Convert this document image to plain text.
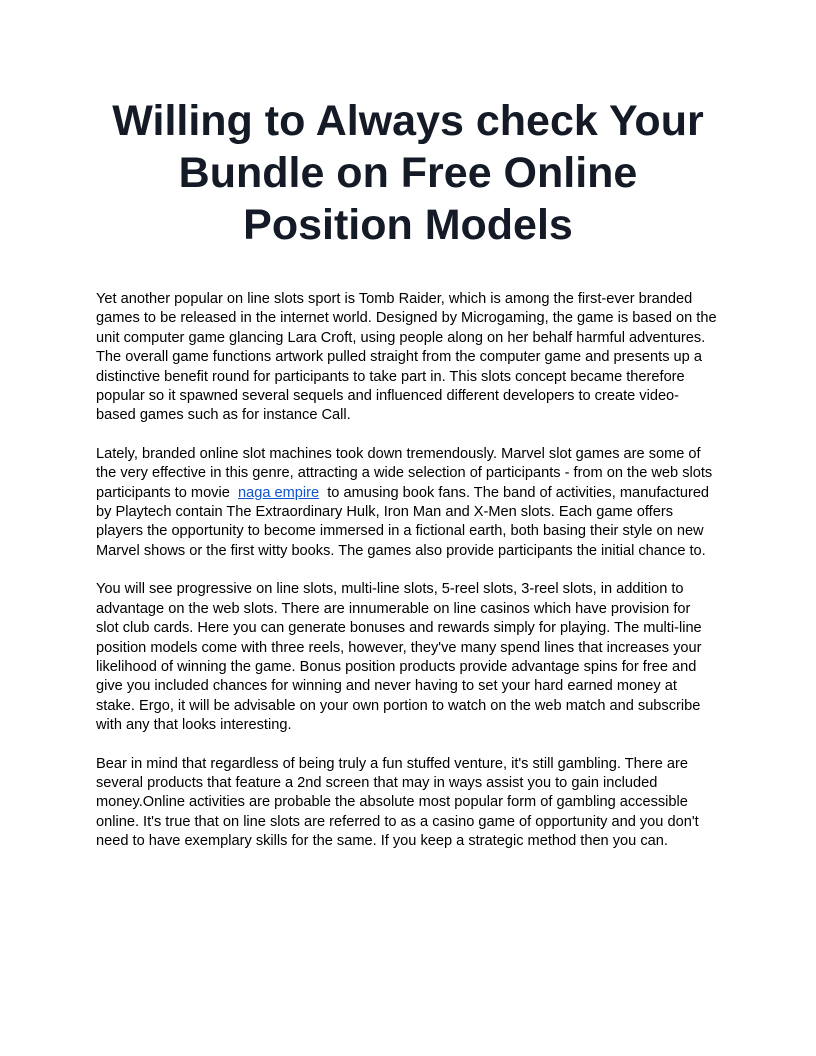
Willing to Always check Your
Bundle on Free Online
Position Models

Yet another popular on line slots sport is Tomb Raider, which is among the first-ever branded
games to be released in the internet world. Designed by Microgaming, the game is based on the
unit computer game glancing Lara Croft, using people along on her behalf harmful adventures.
The overall game functions artwork pulled straight from the computer game and presents up a
distinctive benefit round for participants to take part in. This slots concept became therefore
popular so it spawned several sequels and influenced different developers to create video-
based games such as for instance Call.

Lately, branded online slot machines took down tremendously. Marvel slot games are some of
the very effective in this genre, attracting a wide selection of participants - from on the web slots
participants to movie  naga empire  to amusing book fans. The band of activities, manufactured
by Playtech contain The Extraordinary Hulk, Iron Man and X-Men slots. Each game offers
players the opportunity to become immersed in a fictional earth, both basing their style on new
Marvel shows or the first witty books. The games also provide participants the initial chance to.

You will see progressive on line slots, multi-line slots, 5-reel slots, 3-reel slots, in addition to
advantage on the web slots. There are innumerable on line casinos which have provision for
slot club cards. Here you can generate bonuses and rewards simply for playing. The multi-line
position models come with three reels, however, they've many spend lines that increases your
likelihood of winning the game. Bonus position products provide advantage spins for free and
give you included chances for winning and never having to set your hard earned money at
stake. Ergo, it will be advisable on your own portion to watch on the web match and subscribe
with any that looks interesting.

Bear in mind that regardless of being truly a fun stuffed venture, it's still gambling. There are
several products that feature a 2nd screen that may in ways assist you to gain included
money.Online activities are probable the absolute most popular form of gambling accessible
online. It's true that on line slots are referred to as a casino game of opportunity and you don't
need to have exemplary skills for the same. If you keep a strategic method then you can.
